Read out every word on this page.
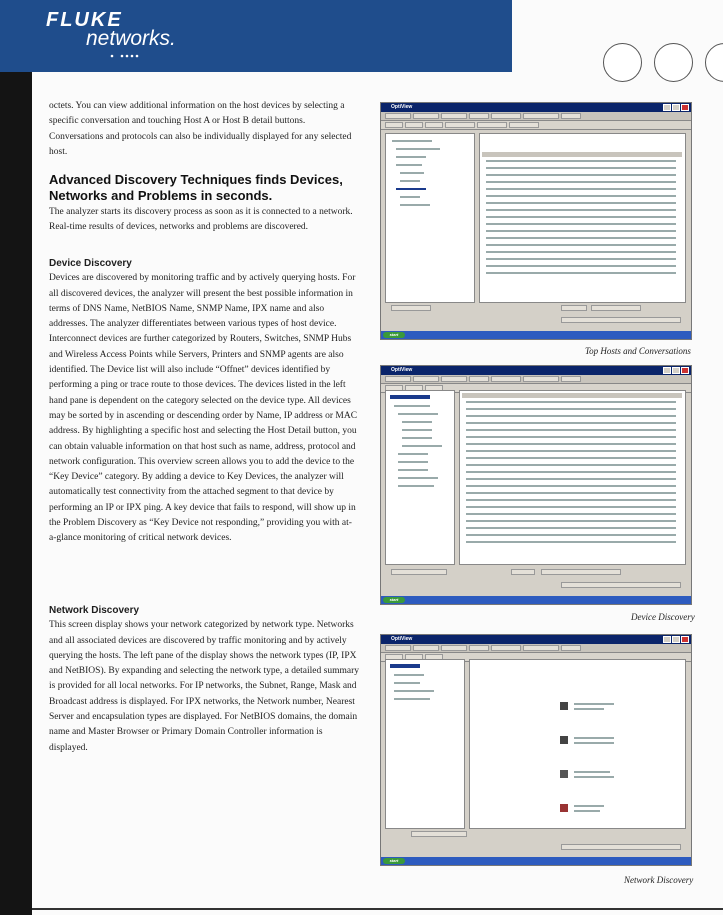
FLUKE
networks.

octets. You can view additional information on the host devices by selecting a specific conversation and touching Host A or Host B detail buttons. Conversations and protocols can also be individually displayed for any selected host.

Advanced Discovery Techniques finds Devices, Networks and Problems in seconds.

The analyzer starts its discovery process as soon as it is connected to a network. Real-time results of devices, networks and problems are discovered.

Device Discovery

Devices are discovered by monitoring traffic and by actively querying hosts. For all discovered devices, the analyzer will present the best possible information in terms of DNS Name, NetBIOS Name, SNMP Name, IPX name and also addresses. The analyzer differentiates between various types of host device. Interconnect devices are further categorized by Routers, Switches, SNMP Hubs and Wireless Access Points while Servers, Printers and SNMP agents are also identified. The Device list will also include “Offnet” devices identified by performing a ping or trace route to those devices. The devices listed in the left hand pane is dependent on the category selected on the device type. All devices may be sorted by in ascending or descending order by Name, IP address or MAC address. By highlighting a specific host and selecting the Host Detail button, you can obtain valuable information on that host such as name, address, protocol and network configuration. This overview screen allows you to add the device to the “Key Device” category. By adding a device to Key Devices, the analyzer will automatically test connectivity from the attached segment to that device by performing an IP or IPX ping. A key device that fails to respond, will show up in the Problem Discovery as “Key Device not responding,” providing you with at-a-glance monitoring of critical network devices.

Network Discovery

This screen display shows your network categorized by network type. Networks and all associated devices are discovered by traffic monitoring and by actively querying the hosts. The left pane of the display shows the network types (IP, IPX and NetBIOS). By expanding and selecting the network type, a detailed summary is provided for all local networks. For IP networks, the Subnet, Range, Mask and Broadcast address is displayed. For IPX networks, the Network number, Nearest Server and encapsulation types are displayed. For NetBIOS domains, the domain name and Master Browser or Primary Domain Controller information is displayed.

OptiView
start
Top Hosts and Conversations
OptiView
start
Device Discovery
OptiView
start
Network Discovery
